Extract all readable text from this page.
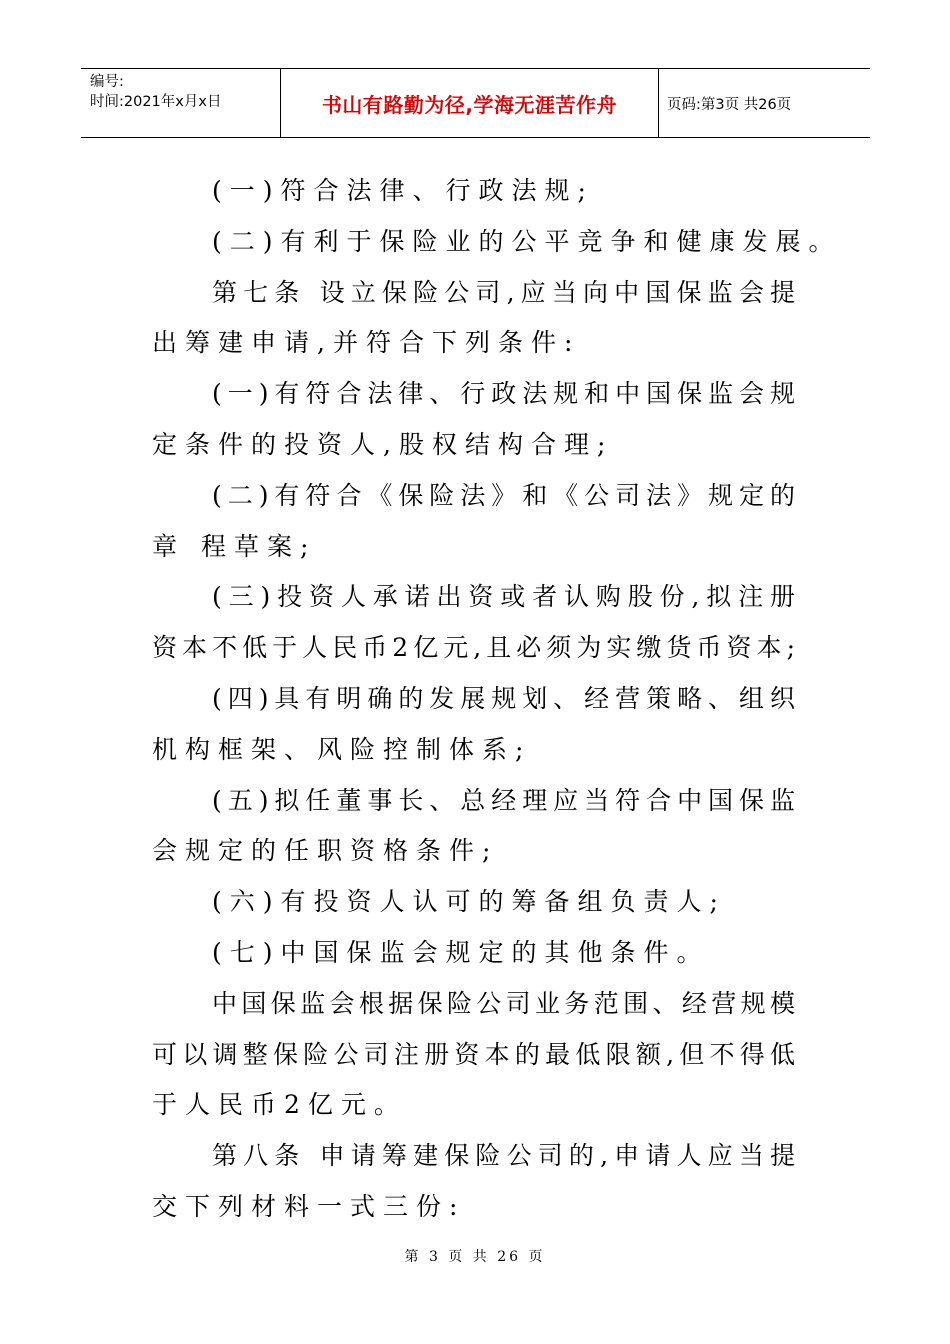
编号:
时间:2021年x月x日	书山有路勤为径,学海无涯苦作舟	页码:第3页 共26页
(一)符合法律、行政法规;
(二)有利于保险业的公平竞争和健康发展。
第七条 设立保险公司,应当向中国保监会提
出筹建申请,并符合下列条件:
(一)有符合法律、行政法规和中国保监会规
定条件的投资人,股权结构合理;
(二)有符合《保险法》和《公司法》规定的
章 程草案;
(三)投资人承诺出资或者认购股份,拟注册
资本不低于人民币2亿元,且必须为实缴货币资本;
(四)具有明确的发展规划、经营策略、组织
机构框架、风险控制体系;
(五)拟任董事长、总经理应当符合中国保监
会规定的任职资格条件;
(六)有投资人认可的筹备组负责人;
(七)中国保监会规定的其他条件。
中国保监会根据保险公司业务范围、经营规模
可以调整保险公司注册资本的最低限额,但不得低
于人民币2亿元。
第八条 申请筹建保险公司的,申请人应当提
交下列材料一式三份:
第 3 页 共 26 页
